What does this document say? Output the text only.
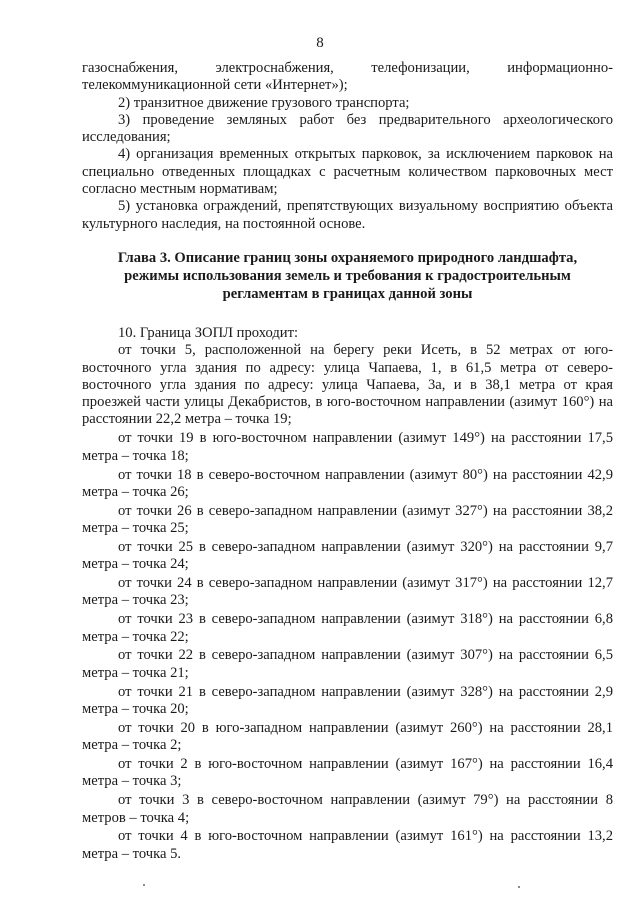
8

газоснабжения, электроснабжения, телефонизации, информационно-телекоммуникационной сети «Интернет»);

2) транзитное движение грузового транспорта;

3) проведение земляных работ без предварительного археологического исследования;

4) организация временных открытых парковок, за исключением парковок на специально отведенных площадках с расчетным количеством парковочных мест согласно местным нормативам;

5) установка ограждений, препятствующих визуальному восприятию объекта культурного наследия, на постоянной основе.

Глава 3. Описание границ зоны охраняемого природного ландшафта, режимы использования земель и требования к градостроительным регламентам в границах данной зоны

10. Граница ЗОПЛ проходит:

от точки 5, расположенной на берегу реки Исеть, в 52 метрах от юго-восточного угла здания по адресу: улица Чапаева, 1, в 61,5 метра от северо-восточного угла здания по адресу: улица Чапаева, 3а, и в 38,1 метра от края проезжей части улицы Декабристов, в юго-восточном направлении (азимут 160°) на расстоянии 22,2 метра – точка 19;

от точки 19 в юго-восточном направлении (азимут 149°) на расстоянии 17,5 метра – точка 18;

от точки 18 в северо-восточном направлении (азимут 80°) на расстоянии 42,9 метра – точка 26;

от точки 26 в северо-западном направлении (азимут 327°) на расстоянии 38,2 метра – точка 25;

от точки 25 в северо-западном направлении (азимут 320°) на расстоянии 9,7 метра – точка 24;

от точки 24 в северо-западном направлении (азимут 317°) на расстоянии 12,7 метра – точка 23;

от точки 23 в северо-западном направлении (азимут 318°) на расстоянии 6,8 метра – точка 22;

от точки 22 в северо-западном направлении (азимут 307°) на расстоянии 6,5 метра – точка 21;

от точки 21 в северо-западном направлении (азимут 328°) на расстоянии 2,9 метра – точка 20;

от точки 20 в юго-западном направлении (азимут 260°) на расстоянии 28,1 метра – точка 2;

от точки 2 в юго-восточном направлении (азимут 167°) на расстоянии 16,4 метра – точка 3;

от точки 3 в северо-восточном направлении (азимут 79°) на расстоянии 8 метров – точка 4;

от точки 4 в юго-восточном направлении (азимут 161°) на расстоянии 13,2 метра – точка 5.
